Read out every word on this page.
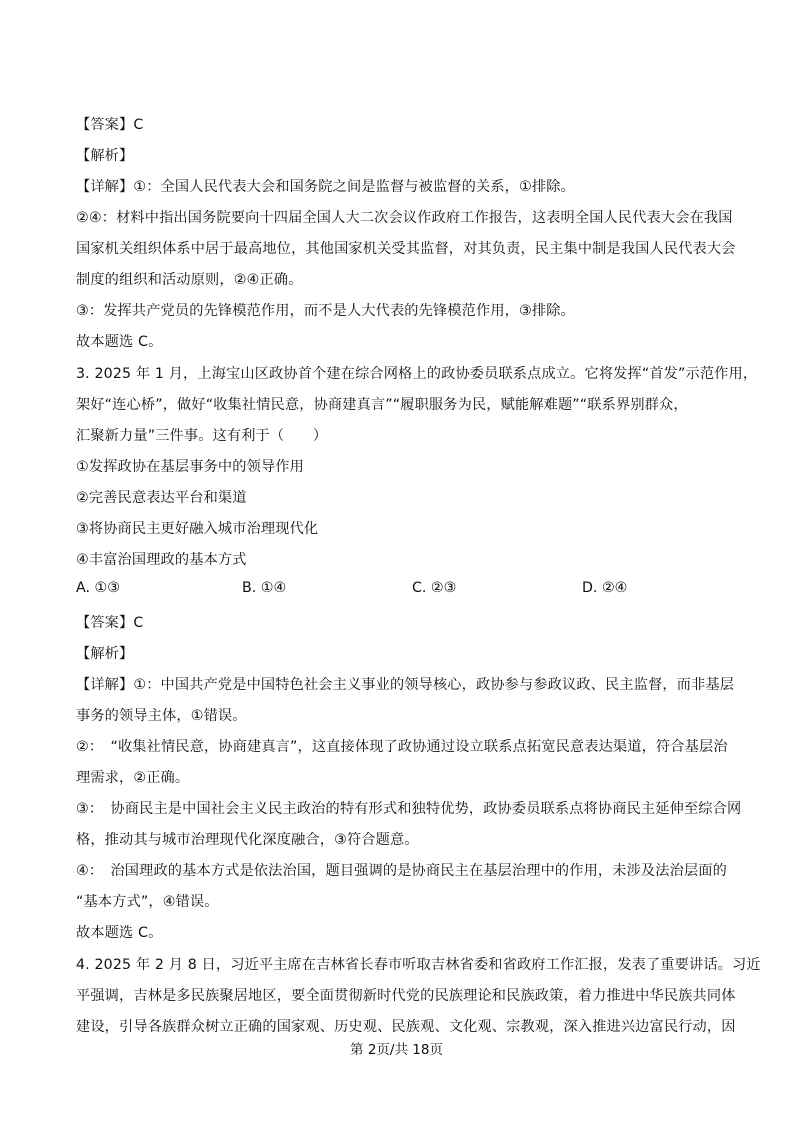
【答案】C
【解析】
【详解】①：全国人民代表大会和国务院之间是监督与被监督的关系，①排除。
②④：材料中指出国务院要向十四届全国人大二次会议作政府工作报告，这表明全国人民代表大会在我国
国家机关组织体系中居于最高地位，其他国家机关受其监督，对其负责，民主集中制是我国人民代表大会
制度的组织和活动原则，②④正确。
③：发挥共产党员的先锋模范作用，而不是人大代表的先锋模范作用，③排除。
故本题选 C。
3. 2025 年 1 月，上海宝山区政协首个建在综合网格上的政协委员联系点成立。它将发挥“首发”示范作用，
架好“连心桥”，做好“收集社情民意，协商建真言”“履职服务为民，赋能解难题”“联系界别群众，
汇聚新力量”三件事。这有利于（　　）
①发挥政协在基层事务中的领导作用
②完善民意表达平台和渠道
③将协商民主更好融入城市治理现代化
④丰富治国理政的基本方式
A. ①③	B. ①④	C. ②③	D. ②④
【答案】C
【解析】
【详解】①：中国共产党是中国特色社会主义事业的领导核心，政协参与参政议政、民主监督，而非基层
事务的领导主体，①错误。
②：　“收集社情民意，协商建真言”，这直接体现了政协通过设立联系点拓宽民意表达渠道，符合基层治
理需求，②正确。
③：　协商民主是中国社会主义民主政治的特有形式和独特优势，政协委员联系点将协商民主延伸至综合网
格，推动其与城市治理现代化深度融合，③符合题意。
④：　治国理政的基本方式是依法治国，题目强调的是协商民主在基层治理中的作用，未涉及法治层面的
“基本方式”，④错误。
故本题选 C。
4. 2025 年 2 月 8 日，习近平主席在吉林省长春市听取吉林省委和省政府工作汇报，发表了重要讲话。习近
平强调，吉林是多民族聚居地区，要全面贯彻新时代党的民族理论和民族政策，着力推进中华民族共同体
建设，引导各族群众树立正确的国家观、历史观、民族观、文化观、宗教观，深入推进兴边富民行动，因
第 2页/共 18页
